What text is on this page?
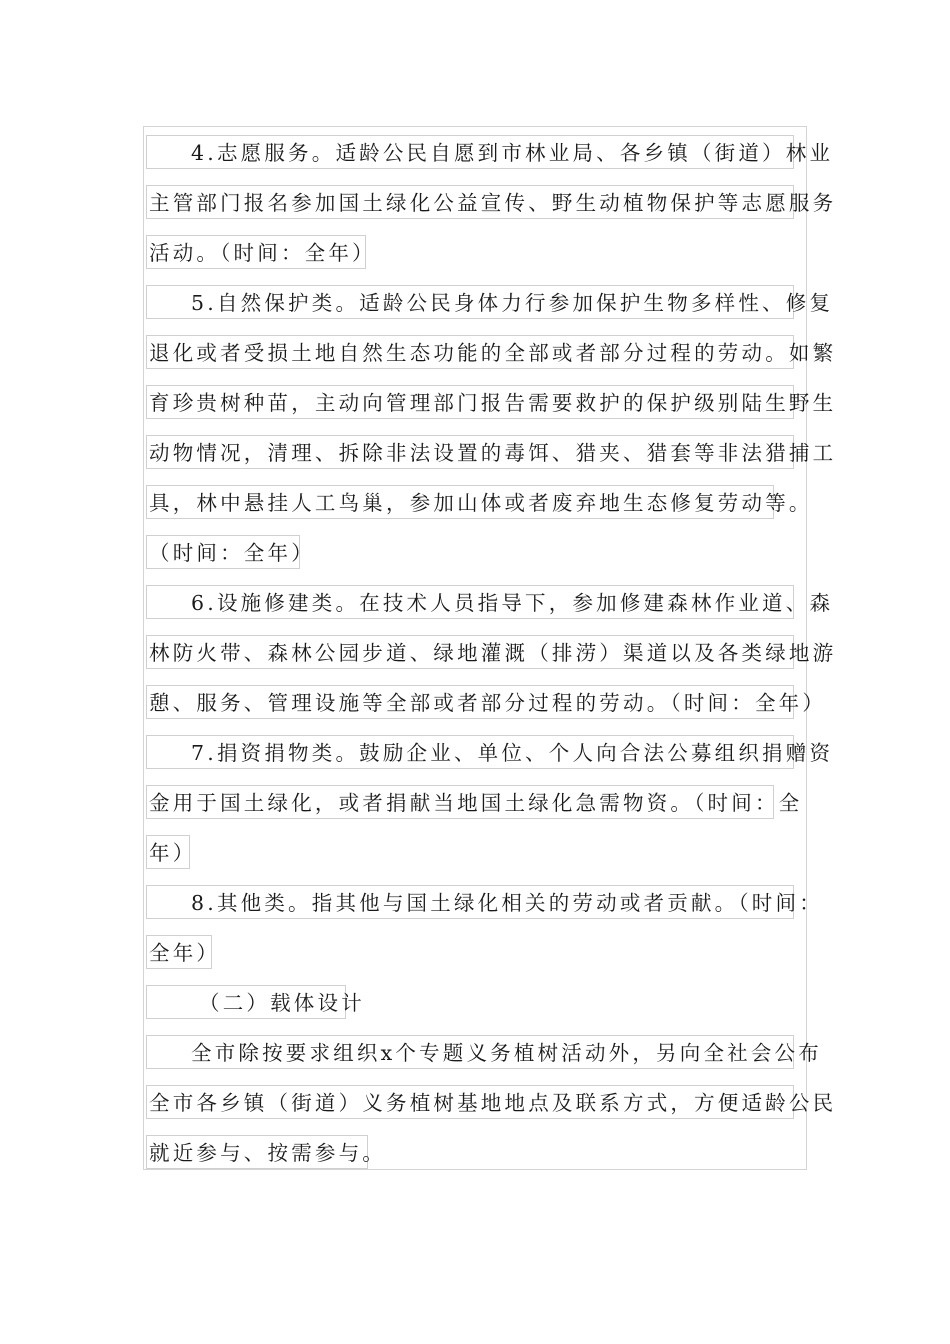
4.志愿服务。适龄公民自愿到市林业局、各乡镇（街道）林业
主管部门报名参加国土绿化公益宣传、野生动植物保护等志愿服务
活动。（时间：全年）
5.自然保护类。适龄公民身体力行参加保护生物多样性、修复
退化或者受损土地自然生态功能的全部或者部分过程的劳动。如繁
育珍贵树种苗，主动向管理部门报告需要救护的保护级别陆生野生
动物情况，清理、拆除非法设置的毒饵、猎夹、猎套等非法猎捕工
具，林中悬挂人工鸟巢，参加山体或者废弃地生态修复劳动等。
（时间：全年）
6.设施修建类。在技术人员指导下，参加修建森林作业道、森
林防火带、森林公园步道、绿地灌溉（排涝）渠道以及各类绿地游
憩、服务、管理设施等全部或者部分过程的劳动。（时间：全年）
7.捐资捐物类。鼓励企业、单位、个人向合法公募组织捐赠资
金用于国土绿化，或者捐献当地国土绿化急需物资。（时间：全
年）
8.其他类。指其他与国土绿化相关的劳动或者贡献。（时间：
全年）
（二）载体设计
全市除按要求组织x个专题义务植树活动外，另向全社会公布
全市各乡镇（街道）义务植树基地地点及联系方式，方便适龄公民
就近参与、按需参与。
